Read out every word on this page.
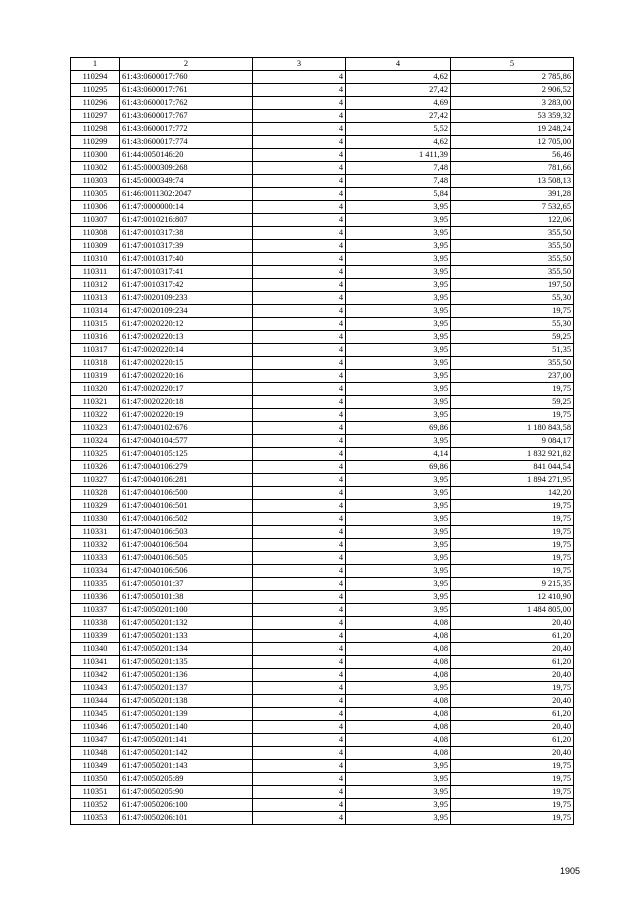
1	2	3	4	5
110294	61:43:0600017:760	4	4,62	2 785,86
110295	61:43:0600017:761	4	27,42	2 906,52
110296	61:43:0600017:762	4	4,69	3 283,00
110297	61:43:0600017:767	4	27,42	53 359,32
110298	61:43:0600017:772	4	5,52	19 248,24
110299	61:43:0600017:774	4	4,62	12 705,00
110300	61:44:0050146:20	4	1 411,39	56,46
110302	61:45:0000309:268	4	7,48	781,66
110303	61:45:0000349:74	4	7,48	13 508,13
110305	61:46:0011302:2047	4	5,84	391,28
110306	61:47:0000000:14	4	3,95	7 532,65
110307	61:47:0010216:807	4	3,95	122,06
110308	61:47:0010317:38	4	3,95	355,50
110309	61:47:0010317:39	4	3,95	355,50
110310	61:47:0010317:40	4	3,95	355,50
110311	61:47:0010317:41	4	3,95	355,50
110312	61:47:0010317:42	4	3,95	197,50
110313	61:47:0020109:233	4	3,95	55,30
110314	61:47:0020109:234	4	3,95	19,75
110315	61:47:0020220:12	4	3,95	55,30
110316	61:47:0020220:13	4	3,95	59,25
110317	61:47:0020220:14	4	3,95	51,35
110318	61:47:0020220:15	4	3,95	355,50
110319	61:47:0020220:16	4	3,95	237,00
110320	61:47:0020220:17	4	3,95	19,75
110321	61:47:0020220:18	4	3,95	59,25
110322	61:47:0020220:19	4	3,95	19,75
110323	61:47:0040102:676	4	69,86	1 180 843,58
110324	61:47:0040104:577	4	3,95	9 084,17
110325	61:47:0040105:125	4	4,14	1 832 921,82
110326	61:47:0040106:279	4	69,86	841 044,54
110327	61:47:0040106:281	4	3,95	1 894 271,95
110328	61:47:0040106:500	4	3,95	142,20
110329	61:47:0040106:501	4	3,95	19,75
110330	61:47:0040106:502	4	3,95	19,75
110331	61:47:0040106:503	4	3,95	19,75
110332	61:47:0040106:504	4	3,95	19,75
110333	61:47:0040106:505	4	3,95	19,75
110334	61:47:0040106:506	4	3,95	19,75
110335	61:47:0050101:37	4	3,95	9 215,35
110336	61:47:0050101:38	4	3,95	12 410,90
110337	61:47:0050201:100	4	3,95	1 484 805,00
110338	61:47:0050201:132	4	4,08	20,40
110339	61:47:0050201:133	4	4,08	61,20
110340	61:47:0050201:134	4	4,08	20,40
110341	61:47:0050201:135	4	4,08	61,20
110342	61:47:0050201:136	4	4,08	20,40
110343	61:47:0050201:137	4	3,95	19,75
110344	61:47:0050201:138	4	4,08	20,40
110345	61:47:0050201:139	4	4,08	61,20
110346	61:47:0050201:140	4	4,08	20,40
110347	61:47:0050201:141	4	4,08	61,20
110348	61:47:0050201:142	4	4,08	20,40
110349	61:47:0050201:143	4	3,95	19,75
110350	61:47:0050205:89	4	3,95	19,75
110351	61:47:0050205:90	4	3,95	19,75
110352	61:47:0050206:100	4	3,95	19,75
110353	61:47:0050206:101	4	3,95	19,75
1905
